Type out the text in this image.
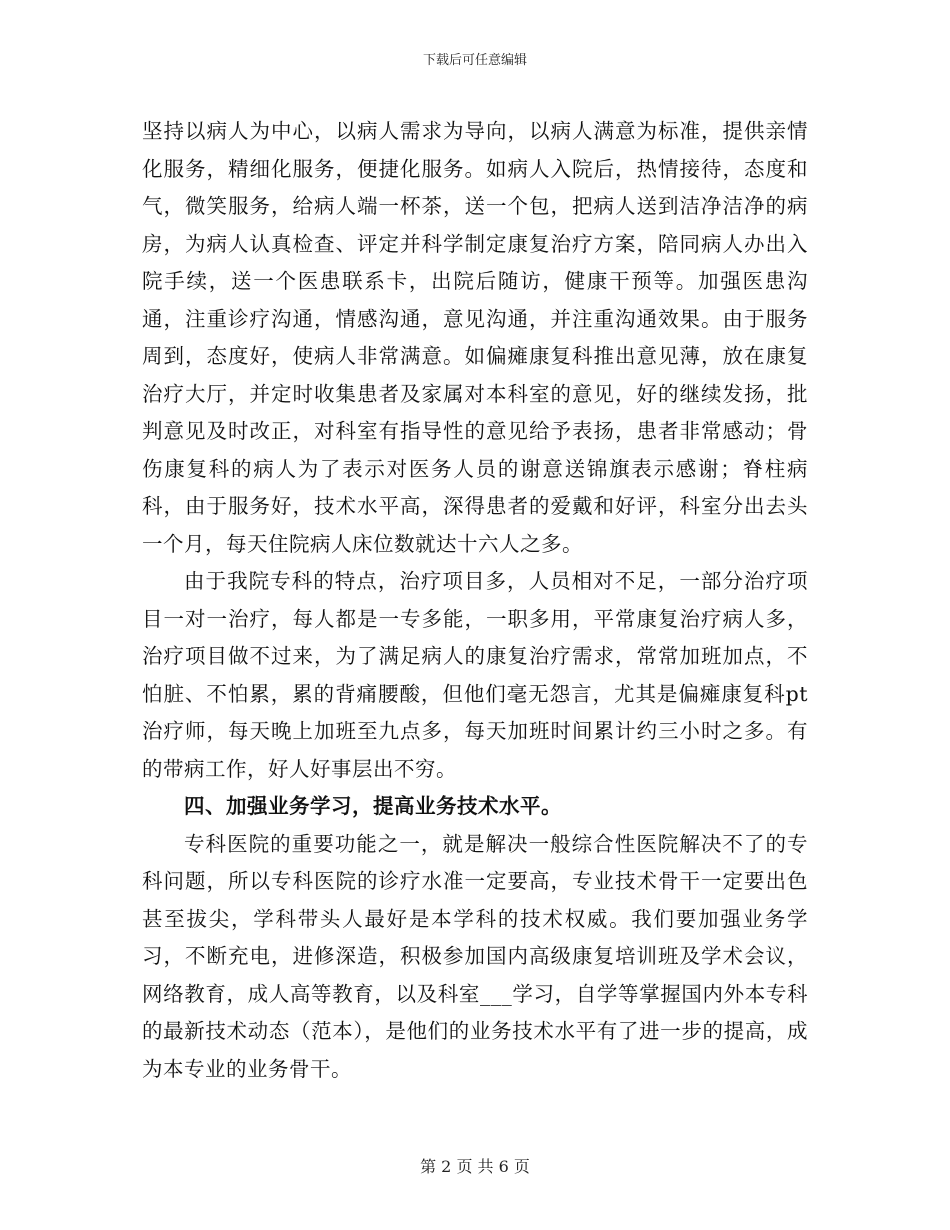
下载后可任意编辑

坚持以病人为中心，以病人需求为导向，以病人满意为标准，提供亲情化服务，精细化服务，便捷化服务。如病人入院后，热情接待，态度和气，微笑服务，给病人端一杯茶，送一个包，把病人送到洁净洁净的病房，为病人认真检查、评定并科学制定康复治疗方案，陪同病人办出入院手续，送一个医患联系卡，出院后随访，健康干预等。加强医患沟通，注重诊疗沟通，情感沟通，意见沟通，并注重沟通效果。由于服务周到，态度好，使病人非常满意。如偏瘫康复科推出意见薄，放在康复治疗大厅，并定时收集患者及家属对本科室的意见，好的继续发扬，批判意见及时改正，对科室有指导性的意见给予表扬，患者非常感动；骨伤康复科的病人为了表示对医务人员的谢意送锦旗表示感谢；脊柱病科，由于服务好，技术水平高，深得患者的爱戴和好评，科室分出去头一个月，每天住院病人床位数就达十六人之多。

由于我院专科的特点，治疗项目多，人员相对不足，一部分治疗项目一对一治疗，每人都是一专多能，一职多用，平常康复治疗病人多，治疗项目做不过来，为了满足病人的康复治疗需求，常常加班加点，不怕脏、不怕累，累的背痛腰酸，但他们毫无怨言，尤其是偏瘫康复科pt治疗师，每天晚上加班至九点多，每天加班时间累计约三小时之多。有的带病工作，好人好事层出不穷。

四、加强业务学习，提高业务技术水平。

专科医院的重要功能之一，就是解决一般综合性医院解决不了的专科问题，所以专科医院的诊疗水准一定要高，专业技术骨干一定要出色甚至拔尖，学科带头人最好是本学科的技术权威。我们要加强业务学习，不断充电，进修深造，积极参加国内高级康复培训班及学术会议，网络教育，成人高等教育，以及科室___学习，自学等掌握国内外本专科的最新技术动态（范本），是他们的业务技术水平有了进一步的提高，成为本专业的业务骨干。

第 2 页 共 6 页
